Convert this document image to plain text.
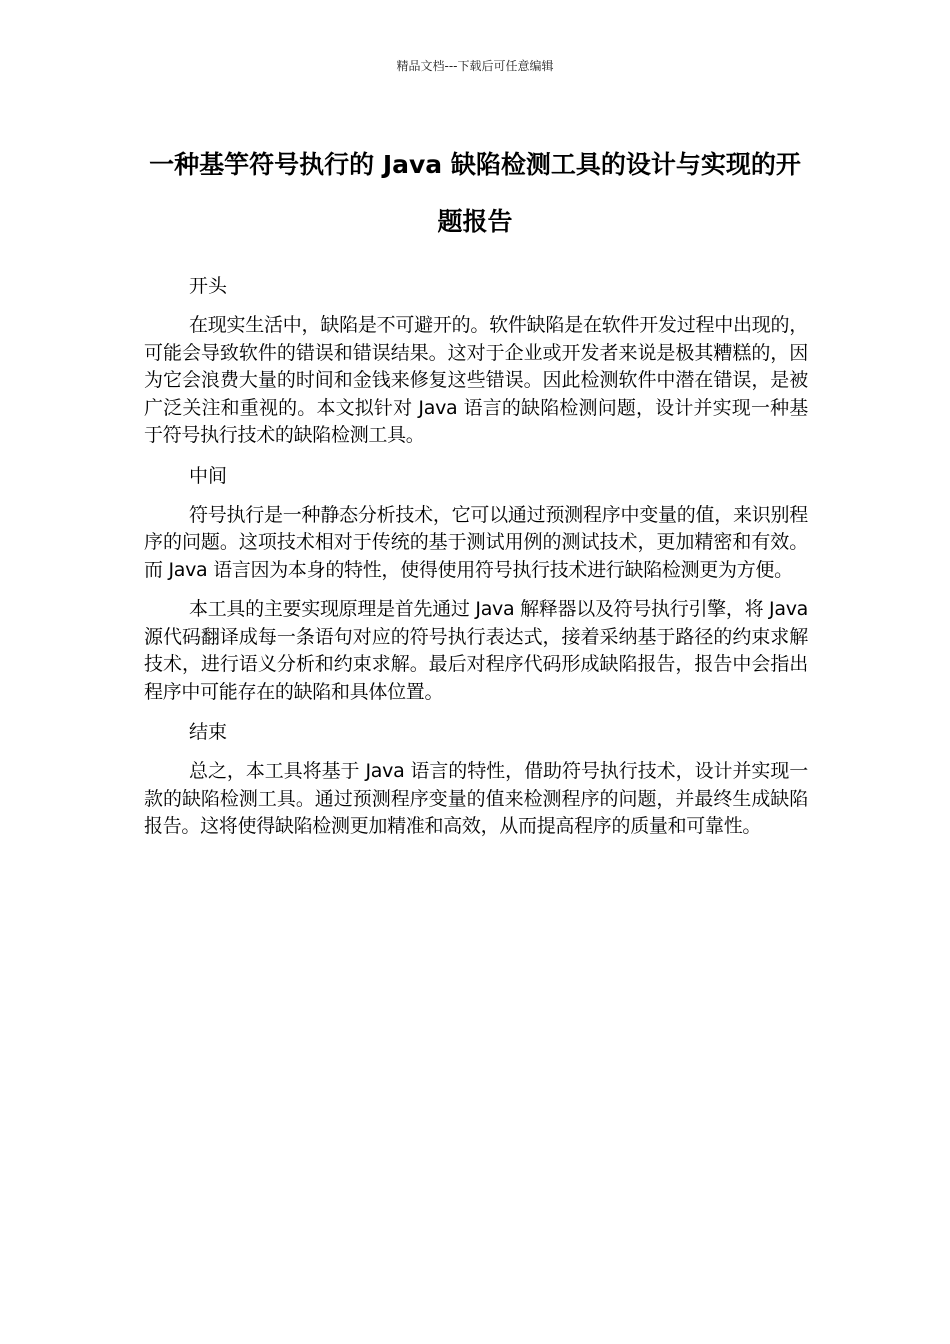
精品文档---下载后可任意编辑
一种基竽符号执行的 Java 缺陷检测工具的设计与实现的开题报告

开头

在现实生活中，缺陷是不可避开的。软件缺陷是在软件开发过程中出现的，可能会导致软件的错误和错误结果。这对于企业或开发者来说是极其糟糕的，因为它会浪费大量的时间和金钱来修复这些错误。因此检测软件中潜在错误，是被广泛关注和重视的。本文拟针对 Java 语言的缺陷检测问题，设计并实现一种基于符号执行技术的缺陷检测工具。

中间

符号执行是一种静态分析技术，它可以通过预测程序中变量的值，来识别程序的问题。这项技术相对于传统的基于测试用例的测试技术，更加精密和有效。而 Java 语言因为本身的特性，使得使用符号执行技术进行缺陷检测更为方便。

本工具的主要实现原理是首先通过 Java 解释器以及符号执行引擎，将 Java 源代码翻译成每一条语句对应的符号执行表达式，接着采纳基于路径的约束求解技术，进行语义分析和约束求解。最后对程序代码形成缺陷报告，报告中会指出程序中可能存在的缺陷和具体位置。

结束

总之，本工具将基于 Java 语言的特性，借助符号执行技术，设计并实现一款的缺陷检测工具。通过预测程序变量的值来检测程序的问题，并最终生成缺陷报告。这将使得缺陷检测更加精准和高效，从而提高程序的质量和可靠性。
